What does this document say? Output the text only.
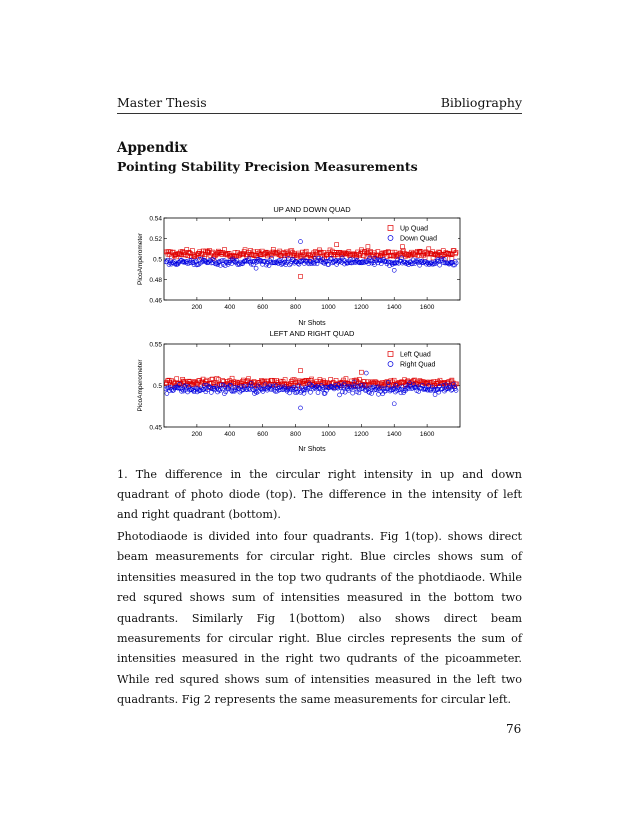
Master Thesis	Bibliography
Appendix
Pointing Stability Precision Measurements
UP AND DOWN QUAD
0.46
0.48
0.5
0.52
0.54
200	400	600	800	1000	1200	1400	1600
Nr Shots
PicoAmperometer
Up Quad
Down Quad
LEFT AND RIGHT QUAD
0.45
0.5
0.55
200	400	600	800	1000	1200	1400	1600
Nr Shots
PicoAmperometer
Left Quad
Right Quad
1. The difference in the circular right intensity in up and down quadrant of photo diode (top). The difference in the intensity of left and right quadrant (bottom).
Photodiaode is divided into four quadrants. Fig 1(top). shows direct beam measurements for circular right. Blue circles shows sum of intensities measured in the top two qudrants of the photdiaode. While red squred shows sum of intensities measured in the bottom two quadrants. Similarly Fig 1(bottom) also shows direct beam measurements for circular right. Blue circles represents the sum of intensities measured in the right two qudrants of the picoammeter. While red squred shows sum of intensities measured in the left two quadrants. Fig 2 represents the same measurements for circular left.
76
